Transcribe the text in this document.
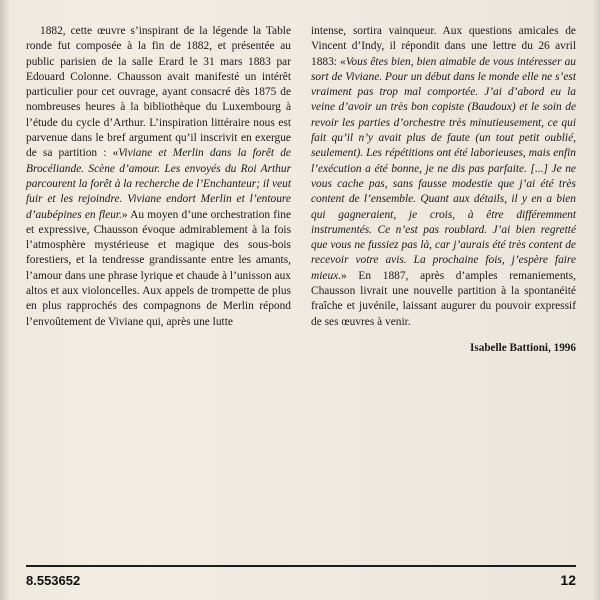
1882, cette œuvre s’inspirant de la légende la Table ronde fut composée à la fin de 1882, et présentée au public parisien de la salle Erard le 31 mars 1883 par Edouard Colonne. Chausson avait manifesté un intérêt particulier pour cet ouvrage, ayant consacré dès 1875 de nombreuses heures à la bibliothèque du Luxembourg à l’étude du cycle d’Arthur. L’inspiration littéraire nous est parvenue dans le bref argument qu’il inscrivit en exergue de sa partition : «Viviane et Merlin dans la forêt de Brocéliande. Scène d’amour. Les envoyés du Roi Arthur parcourent la forêt à la recherche de l’Enchanteur; il veut fuir et les rejoindre. Viviane endort Merlin et l’entoure d’aubépines en fleur.» Au moyen d’une orchestration fine et expressive, Chausson évoque admirablement à la fois l’atmosphère mystérieuse et magique des sous-bois forestiers, et la tendresse grandissante entre les amants, l’amour dans une phrase lyrique et chaude à l’unisson aux altos et aux violoncelles. Aux appels de trompette de plus en plus rapprochés des compagnons de Merlin répond l’envoûtement de Viviane qui, après une lutte

intense, sortira vainqueur. Aux questions amicales de Vincent d’Indy, il répondit dans une lettre du 26 avril 1883: «Vous êtes bien, bien aimable de vous intéresser au sort de Viviane. Pour un début dans le monde elle ne s’est vraiment pas trop mal comportée. J’ai d’abord eu la veine d’avoir un très bon copiste (Baudoux) et le soin de revoir les parties d’orchestre très minutieusement, ce qui fait qu’il n’y avait plus de faute (un tout petit oublié, seulement). Les répétitions ont été laborieuses, mais enfin l’exécution a été bonne, je ne dis pas parfaite. [...] Je ne vous cache pas, sans fausse modestie que j’ai été très content de l’ensemble. Quant aux détails, il y en a bien qui gagneraient, je crois, à être différemment instrumentés. Ce n’est pas roublard. J’ai bien regretté que vous ne fussiez pas là, car j’aurais été très content de recevoir votre avis. La prochaine fois, j’espère faire mieux.» En 1887, après d’amples remaniements, Chausson livrait une nouvelle partition à la spontanéité fraîche et juvénile, laissant augurer du pouvoir expressif de ses œuvres à venir.

Isabelle Battioni, 1996
8.553652	12
